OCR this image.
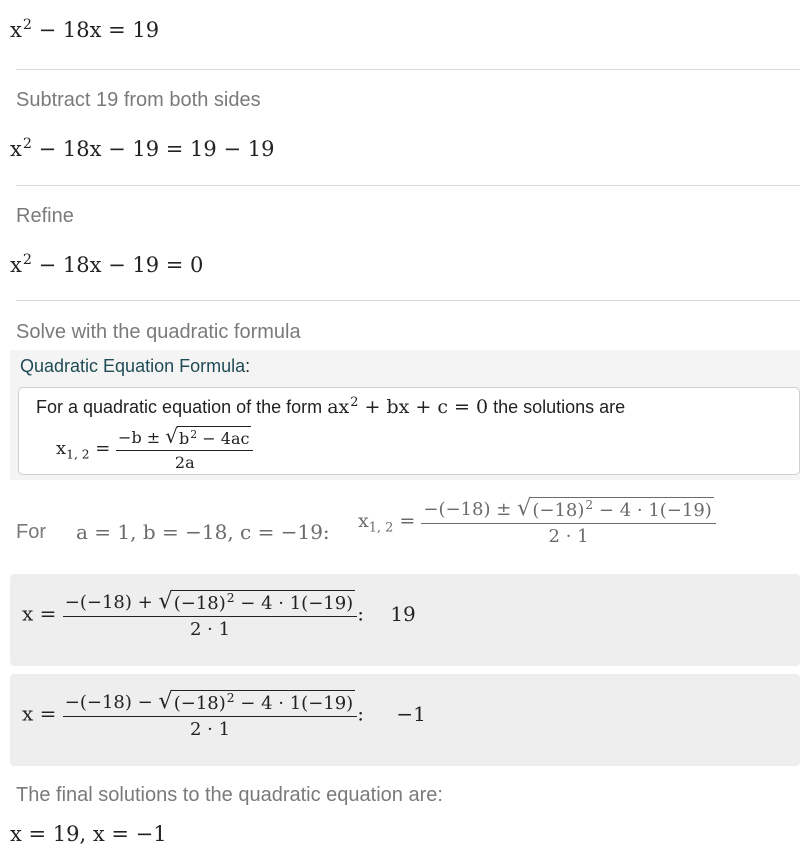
$x^2 - 18x = 19$
Subtract 19 from both sides
$x^2 - 18x - 19 = 19 - 19$
Refine
$x^2 - 18x - 19 = 0$
Solve with the quadratic formula
Quadratic Equation Formula:
For a quadratic equation of the form $ax^2$ + bx + c = 0 the solutions are
$x_{1, 2} = \frac{-b \pm √ b^2 - 4ac}{2a}$
For a = 1, b = −18, c = −19: $x_{1, 2} = \frac{-(-18) \pm √ (-18)^2 - 4 \cdot 1(-19)}{2 \cdot 1}$
$x = \frac{-(-18) + √ (-18)^2 - 4 \cdot 1(-19)}{2 \cdot 1}$ : 19
$x = \frac{-(-18) - √ (-18)^2 - 4 \cdot 1(-19)}{2 \cdot 1}$ : −1
The final solutions to the quadratic equation are:
x = 19, x = −1
